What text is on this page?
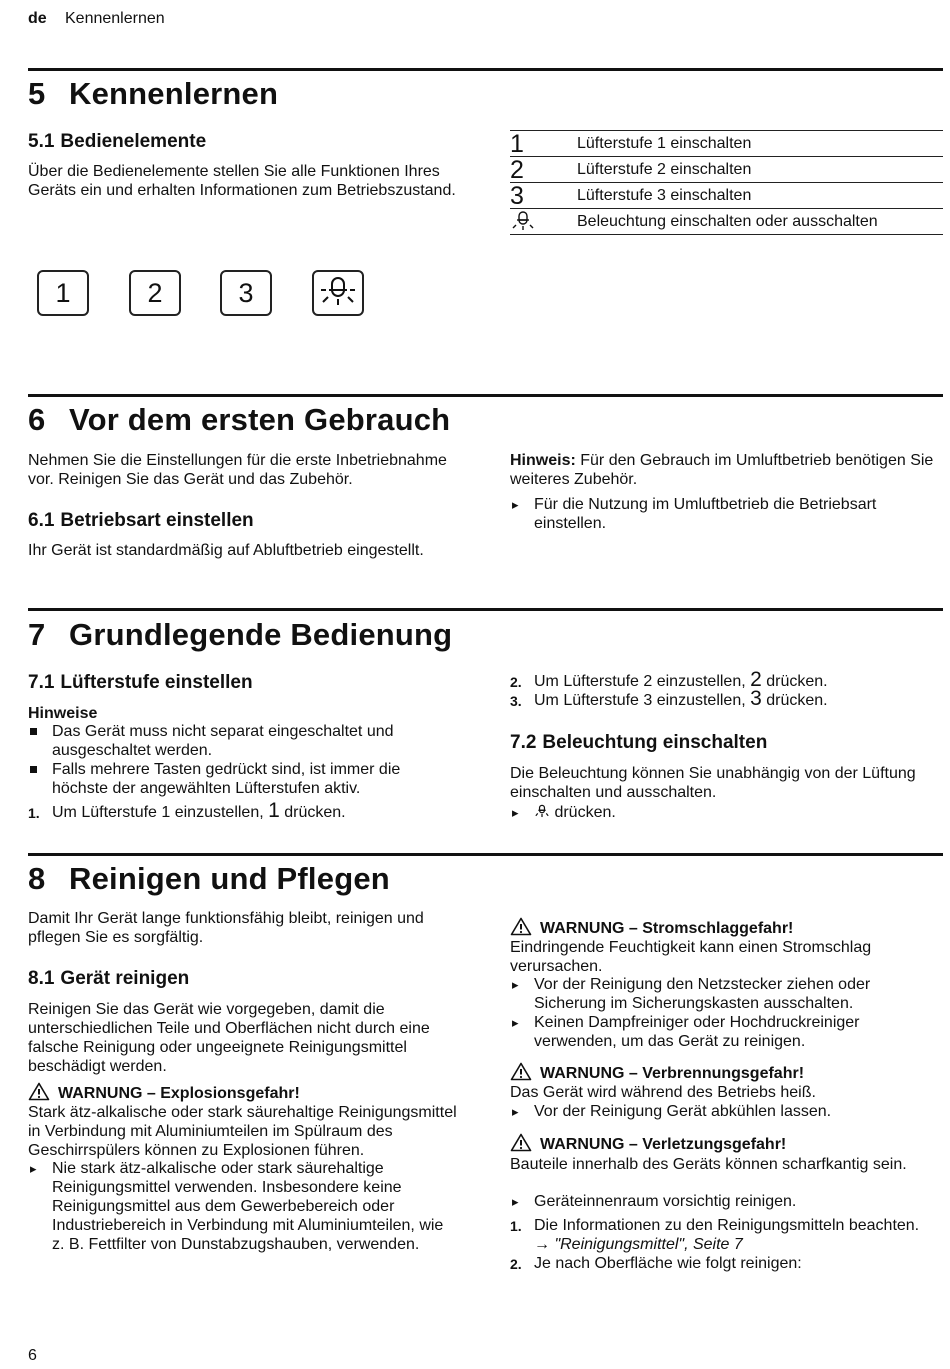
de Kennenlernen
5 Kennenlernen
5.1 Bedienelemente
Über die Bedienelemente stellen Sie alle Funktionen Ihres Geräts ein und erhalten Informationen zum Betriebszustand.
1	Lüfterstufe 1 einschalten
2	Lüfterstufe 2 einschalten
3	Lüfterstufe 3 einschalten
Beleuchtung einschalten oder ausschalten
1	2	3
6 Vor dem ersten Gebrauch
Nehmen Sie die Einstellungen für die erste Inbetriebnahme vor. Reinigen Sie das Gerät und das Zubehör.
6.1 Betriebsart einstellen
Ihr Gerät ist standardmäßig auf Abluftbetrieb eingestellt.
Hinweis: Für den Gebrauch im Umluftbetrieb benötigen Sie weiteres Zubehör.
▸ Für die Nutzung im Umluftbetrieb die Betriebsart einstellen.
7 Grundlegende Bedienung
7.1 Lüfterstufe einstellen
Hinweise
Das Gerät muss nicht separat eingeschaltet und ausgeschaltet werden.
Falls mehrere Tasten gedrückt sind, ist immer die höchste der angewählten Lüfterstufen aktiv.
1. Um Lüfterstufe 1 einzustellen, 1 drücken.
2. Um Lüfterstufe 2 einzustellen, 2 drücken.
3. Um Lüfterstufe 3 einzustellen, 3 drücken.
7.2 Beleuchtung einschalten
Die Beleuchtung können Sie unabhängig von der Lüftung einschalten und ausschalten.
▸ drücken.
8 Reinigen und Pflegen
Damit Ihr Gerät lange funktionsfähig bleibt, reinigen und pflegen Sie es sorgfältig.
8.1 Gerät reinigen
Reinigen Sie das Gerät wie vorgegeben, damit die unterschiedlichen Teile und Oberflächen nicht durch eine falsche Reinigung oder ungeeignete Reinigungsmittel beschädigt werden.
WARNUNG – Explosionsgefahr!
Stark ätz-alkalische oder stark säurehaltige Reinigungsmittel in Verbindung mit Aluminiumteilen im Spülraum des Geschirrspülers können zu Explosionen führen.
▸ Nie stark ätz-alkalische oder stark säurehaltige Reinigungsmittel verwenden. Insbesondere keine Reinigungsmittel aus dem Gewerbebereich oder Industriebereich in Verbindung mit Aluminiumteilen, wie z. B. Fettfilter von Dunstabzugshauben, verwenden.
WARNUNG – Stromschlaggefahr!
Eindringende Feuchtigkeit kann einen Stromschlag verursachen.
▸ Vor der Reinigung den Netzstecker ziehen oder Sicherung im Sicherungskasten ausschalten.
▸ Keinen Dampfreiniger oder Hochdruckreiniger verwenden, um das Gerät zu reinigen.
WARNUNG – Verbrennungsgefahr!
Das Gerät wird während des Betriebs heiß.
▸ Vor der Reinigung Gerät abkühlen lassen.
WARNUNG – Verletzungsgefahr!
Bauteile innerhalb des Geräts können scharfkantig sein.
▸ Geräteinnenraum vorsichtig reinigen.
1. Die Informationen zu den Reinigungsmitteln beachten.
→ "Reinigungsmittel", Seite 7
2. Je nach Oberfläche wie folgt reinigen:
6
